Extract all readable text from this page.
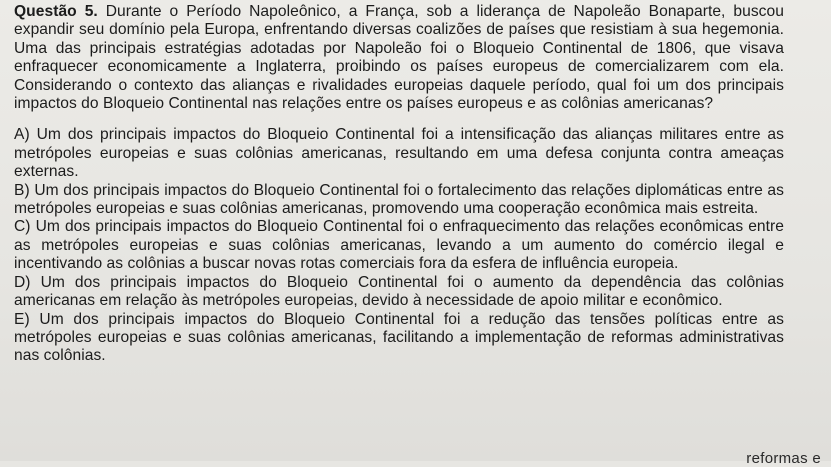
Questão 5. Durante o Período Napoleônico, a França, sob a liderança de Napoleão Bonaparte, buscou expandir seu domínio pela Europa, enfrentando diversas coalizões de países que resistiam à sua hegemonia. Uma das principais estratégias adotadas por Napoleão foi o Bloqueio Continental de 1806, que visava enfraquecer economicamente a Inglaterra, proibindo os países europeus de comercializarem com ela. Considerando o contexto das alianças e rivalidades europeias daquele período, qual foi um dos principais impactos do Bloqueio Continental nas relações entre os países europeus e as colônias americanas?

A) Um dos principais impactos do Bloqueio Continental foi a intensificação das alianças militares entre as metrópoles europeias e suas colônias americanas, resultando em uma defesa conjunta contra ameaças externas.

B) Um dos principais impactos do Bloqueio Continental foi o fortalecimento das relações diplomáticas entre as metrópoles europeias e suas colônias americanas, promovendo uma cooperação econômica mais estreita.

C) Um dos principais impactos do Bloqueio Continental foi o enfraquecimento das relações econômicas entre as metrópoles europeias e suas colônias americanas, levando a um aumento do comércio ilegal e incentivando as colônias a buscar novas rotas comerciais fora da esfera de influência europeia.

D) Um dos principais impactos do Bloqueio Continental foi o aumento da dependência das colônias americanas em relação às metrópoles europeias, devido à necessidade de apoio militar e econômico.

E) Um dos principais impactos do Bloqueio Continental foi a redução das tensões políticas entre as metrópoles europeias e suas colônias americanas, facilitando a implementação de reformas administrativas nas colônias.

reformas e
